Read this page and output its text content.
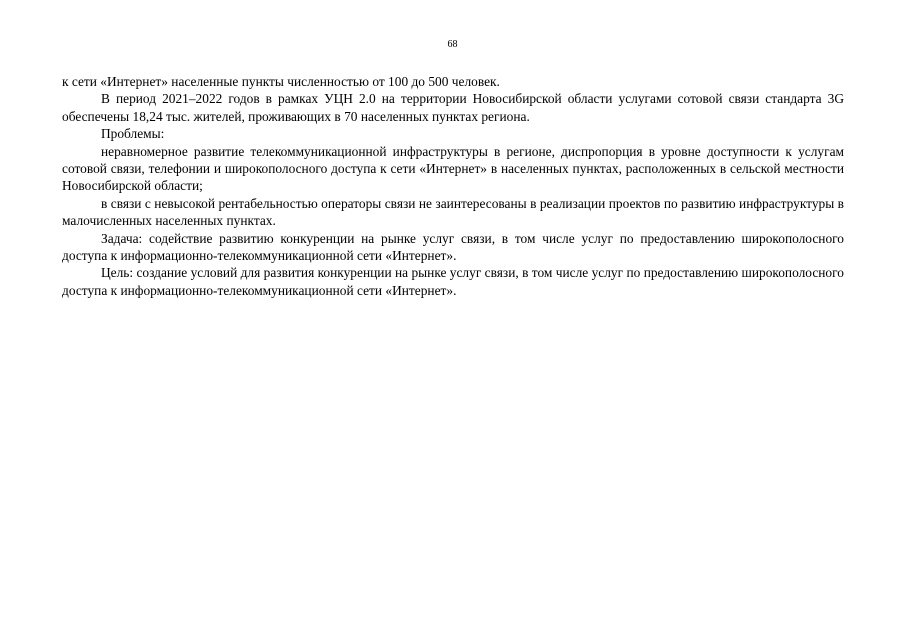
68

к сети «Интернет» населенные пункты численностью от 100 до 500 человек.

В период 2021–2022 годов в рамках УЦН 2.0 на территории Новосибирской области услугами сотовой связи стандарта 3G обеспечены 18,24 тыс. жителей, проживающих в 70 населенных пунктах региона.

Проблемы:

неравномерное развитие телекоммуникационной инфраструктуры в регионе, диспропорция в уровне доступности к услугам сотовой связи, телефонии и широкополосного доступа к сети «Интернет» в населенных пунктах, расположенных в сельской местности Новосибирской области;

в связи с невысокой рентабельностью операторы связи не заинтересованы в реализации проектов по развитию инфраструктуры в малочисленных населенных пунктах.

Задача: содействие развитию конкуренции на рынке услуг связи, в том числе услуг по предоставлению широкополосного доступа к информационно-телекоммуникационной сети «Интернет».

Цель: создание условий для развития конкуренции на рынке услуг связи, в том числе услуг по предоставлению широкополосного доступа к информационно-телекоммуникационной сети «Интернет».
